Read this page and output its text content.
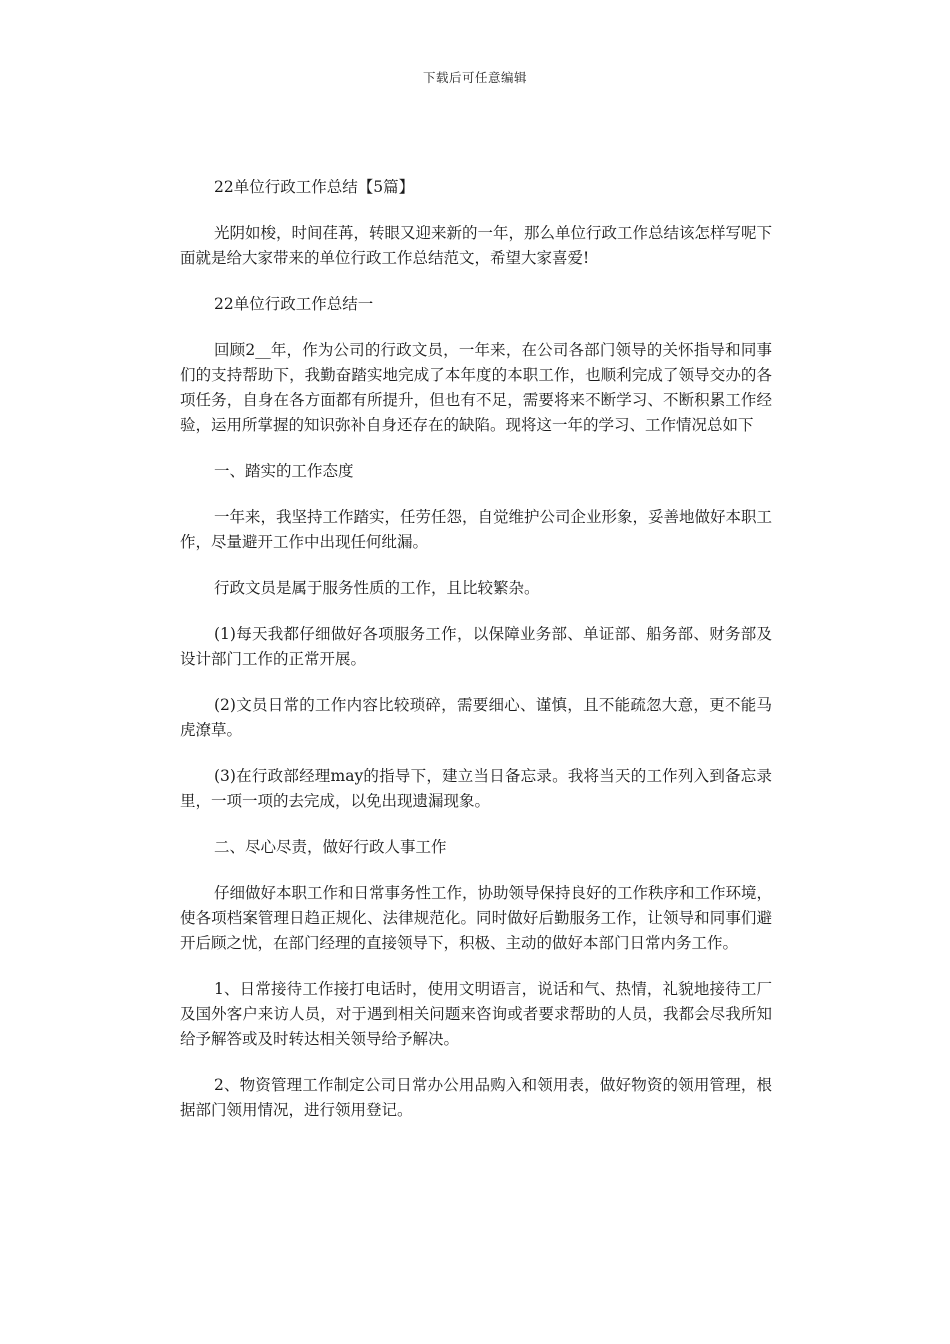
下载后可任意编辑

22单位行政工作总结【5篇】

光阴如梭，时间荏苒，转眼又迎来新的一年，那么单位行政工作总结该怎样写呢下面就是给大家带来的单位行政工作总结范文，希望大家喜爱!

22单位行政工作总结一

回顾2__年，作为公司的行政文员，一年来，在公司各部门领导的关怀指导和同事们的支持帮助下，我勤奋踏实地完成了本年度的本职工作，也顺利完成了领导交办的各项任务，自身在各方面都有所提升，但也有不足，需要将来不断学习、不断积累工作经验，运用所掌握的知识弥补自身还存在的缺陷。现将这一年的学习、工作情况总如下

一、踏实的工作态度

一年来，我坚持工作踏实，任劳任怨，自觉维护公司企业形象，妥善地做好本职工作，尽量避开工作中出现任何纰漏。

行政文员是属于服务性质的工作，且比较繁杂。

(1)每天我都仔细做好各项服务工作，以保障业务部、单证部、船务部、财务部及设计部门工作的正常开展。

(2)文员日常的工作内容比较琐碎，需要细心、谨慎，且不能疏忽大意，更不能马虎潦草。

(3)在行政部经理may的指导下，建立当日备忘录。我将当天的工作列入到备忘录里，一项一项的去完成，以免出现遗漏现象。

二、尽心尽责，做好行政人事工作

仔细做好本职工作和日常事务性工作，协助领导保持良好的工作秩序和工作环境，使各项档案管理日趋正规化、法律规范化。同时做好后勤服务工作，让领导和同事们避开后顾之忧，在部门经理的直接领导下，积极、主动的做好本部门日常内务工作。

1、日常接待工作接打电话时，使用文明语言，说话和气、热情，礼貌地接待工厂及国外客户来访人员，对于遇到相关问题来咨询或者要求帮助的人员，我都会尽我所知给予解答或及时转达相关领导给予解决。

2、物资管理工作制定公司日常办公用品购入和领用表，做好物资的领用管理，根据部门领用情况，进行领用登记。
